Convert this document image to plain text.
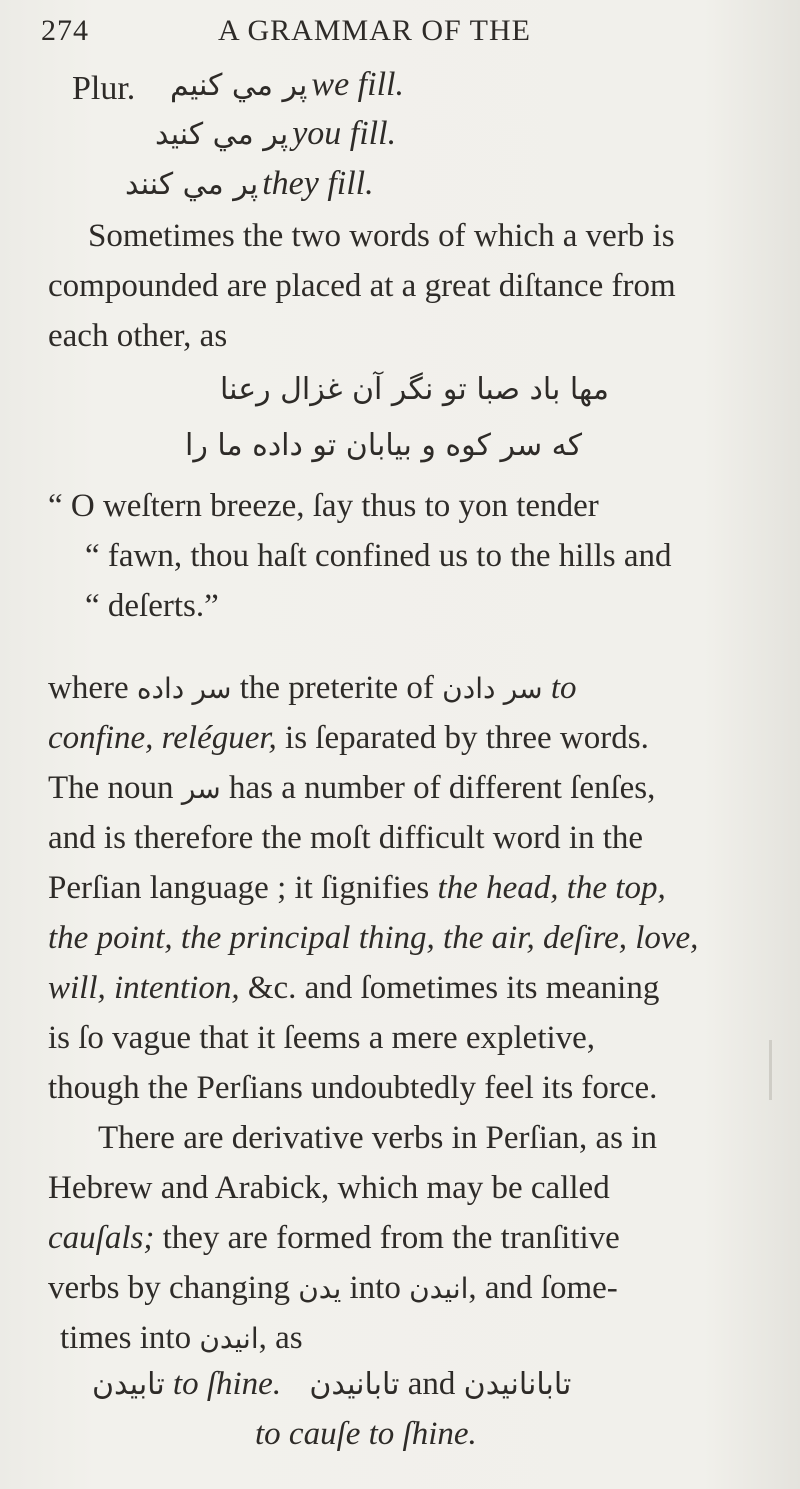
274	A GRAMMAR OF THE
Plur. پر مي کنيم we fill.
پر مي کنيد you fill.
پر مي کنند they fill.
Sometimes the two words of which a verb is
compounded are placed at a great diſtance from
each other, as
مها باد صبا تو نگر آن غزال رعنا
که سر کوه و بیابان تو داده ما را
“ O weſtern breeze, ſay thus to yon tender
“ fawn, thou haſt confined us to the hills and
“ deſerts.”
where داده سر the preterite of دادن سر to
confine, reléguer, is ſeparated by three words.
The noun سر has a number of different ſenſes,
and is therefore the moſt difficult word in the
Perſian language ; it ſignifies the head, the top,
the point, the principal thing, the air, deſire, love,
will, intention, &c. and ſometimes its meaning
is ſo vague that it ſeems a mere expletive,
though the Perſians undoubtedly feel its force.
There are derivative verbs in Perſian, as in
Hebrew and Arabick, which may be called
cauſals; they are formed from the tranſitive
verbs by changing يدن into انيدن, and ſome-
times into انيدن, as
تابیدن to ſhine. تابانیدن and تابانانیدن
to cauſe to ſhine.
